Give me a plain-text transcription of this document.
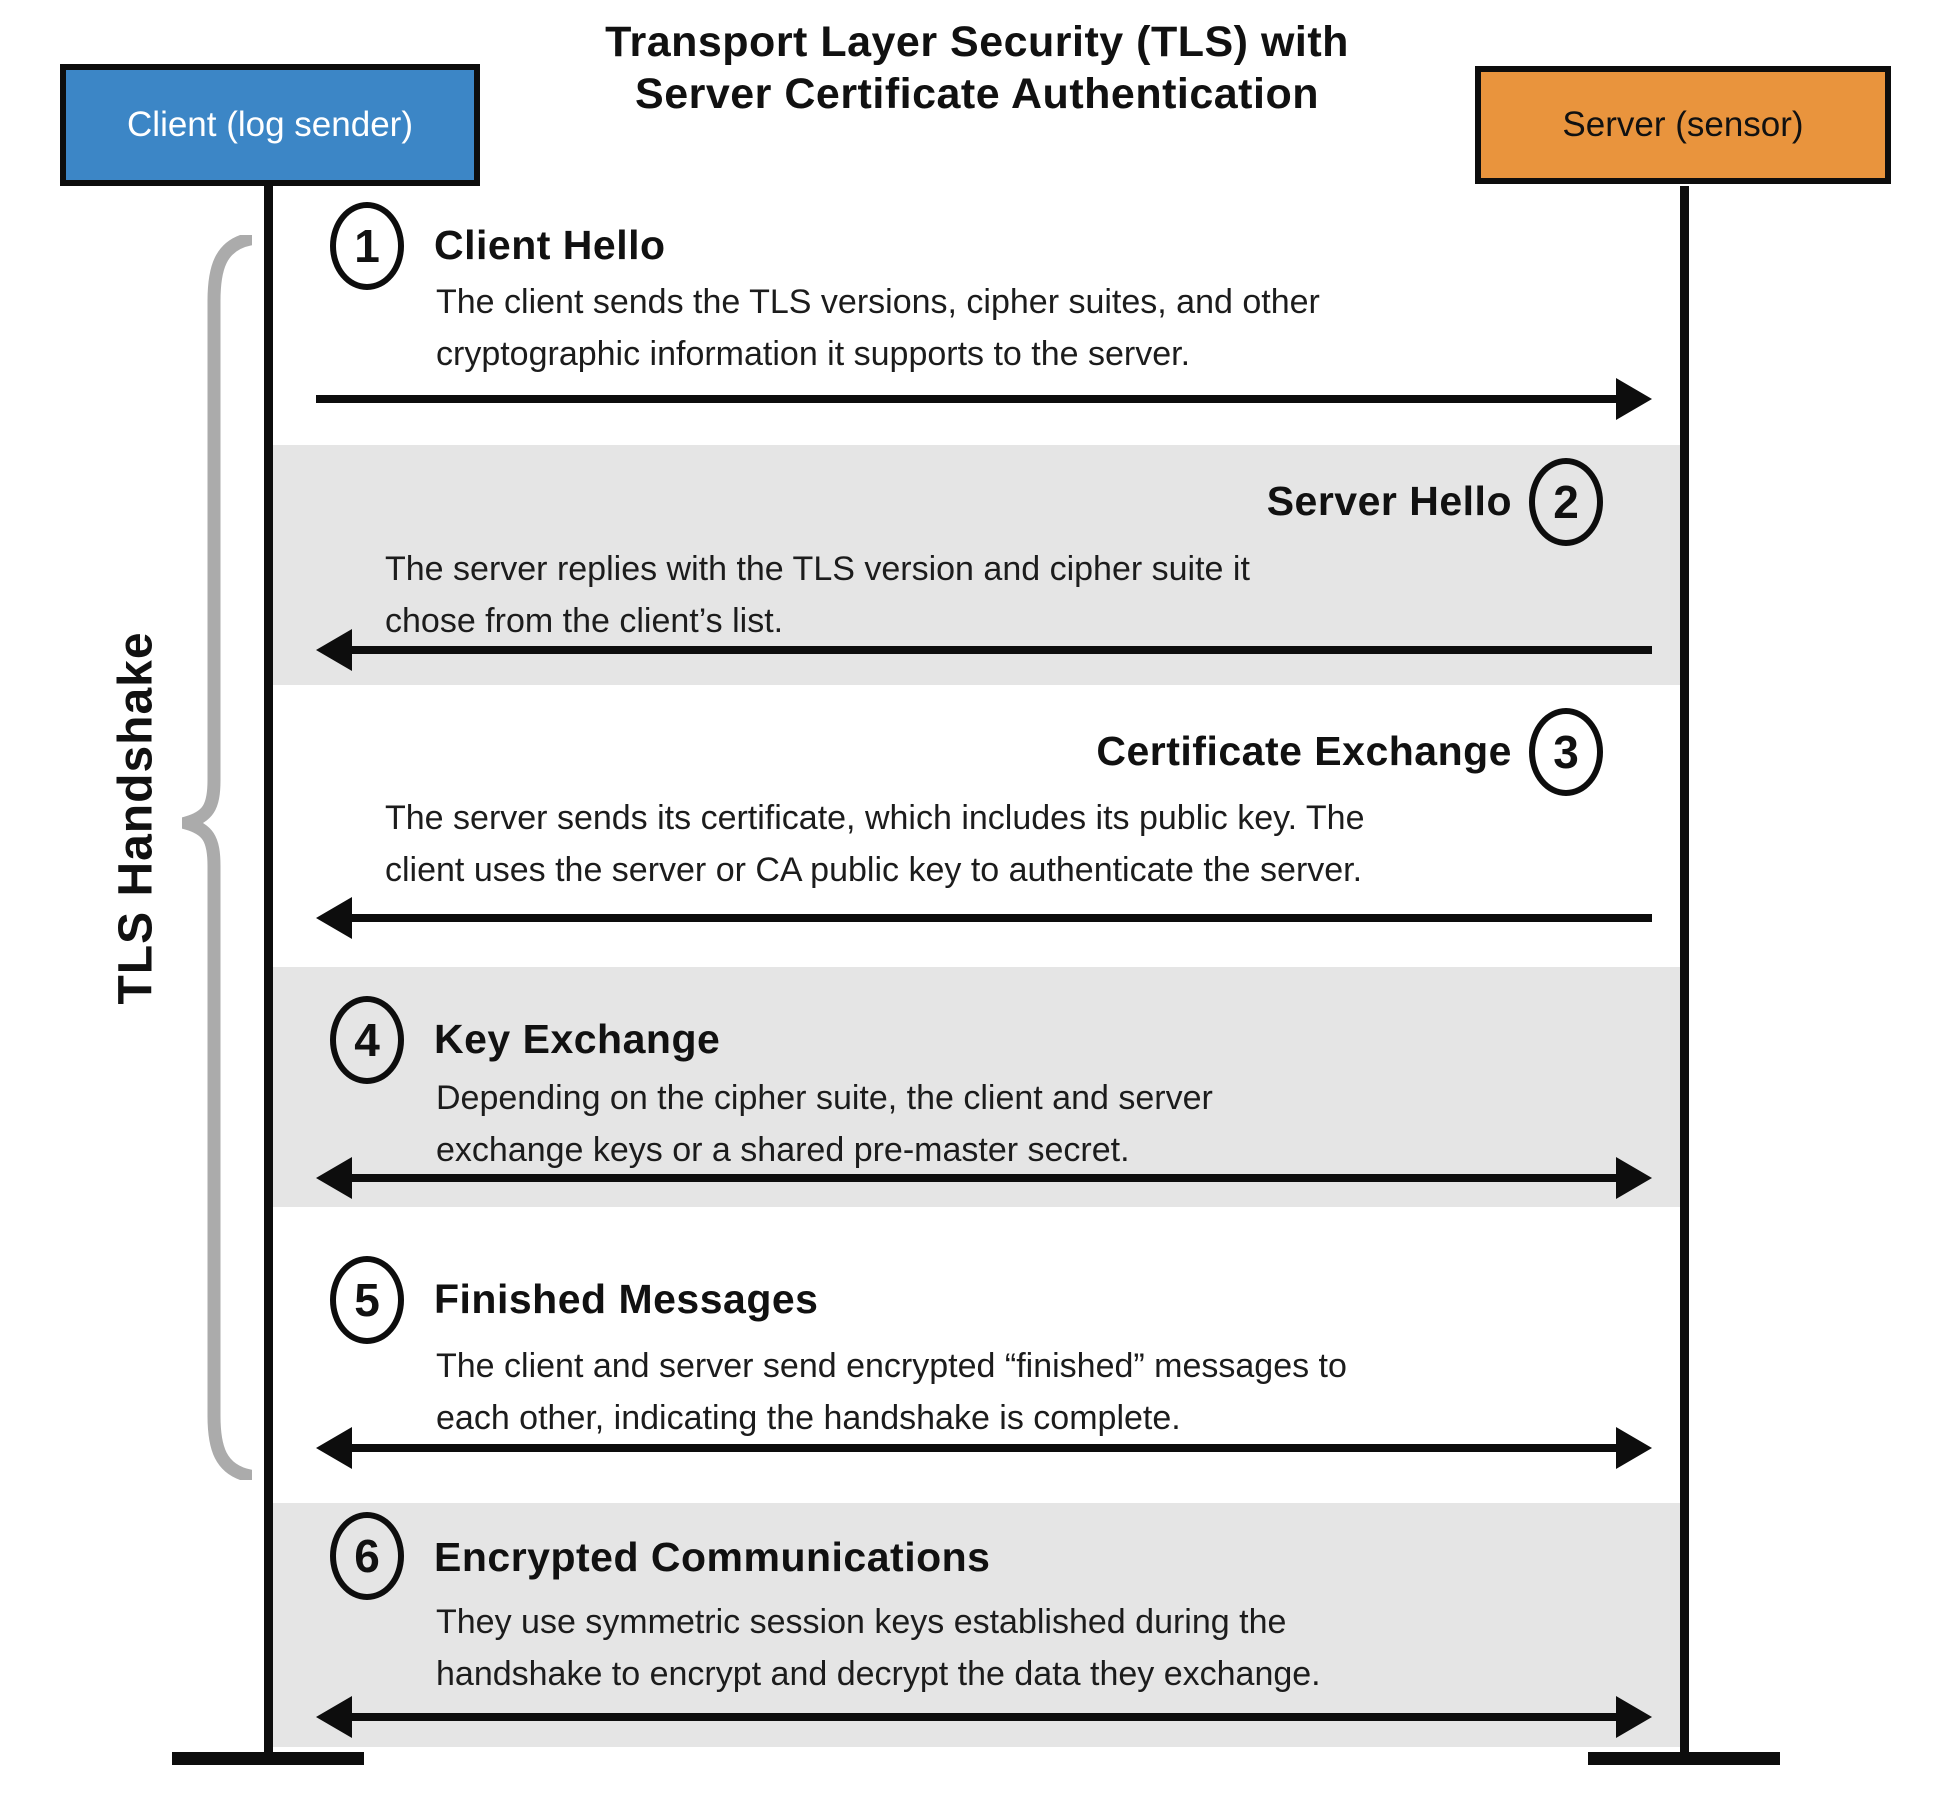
Transport Layer Security (TLS) with
Server Certificate Authentication
Client (log sender)	Server (sensor)
TLS Handshake
1 Client Hello
The client sends the TLS versions, cipher suites, and other
cryptographic information it supports to the server.
2
Server Hello
The server replies with the TLS version and cipher suite it
chose from the client’s list.
3
Certificate Exchange
The server sends its certificate, which includes its public key. The
client uses the server or CA public key to authenticate the server.
4 Key Exchange
Depending on the cipher suite, the client and server
exchange keys or a shared pre-master secret.
5 Finished Messages
The client and server send encrypted “finished” messages to
each other, indicating the handshake is complete.
6 Encrypted Communications
They use symmetric session keys established during the
handshake to encrypt and decrypt the data they exchange.
